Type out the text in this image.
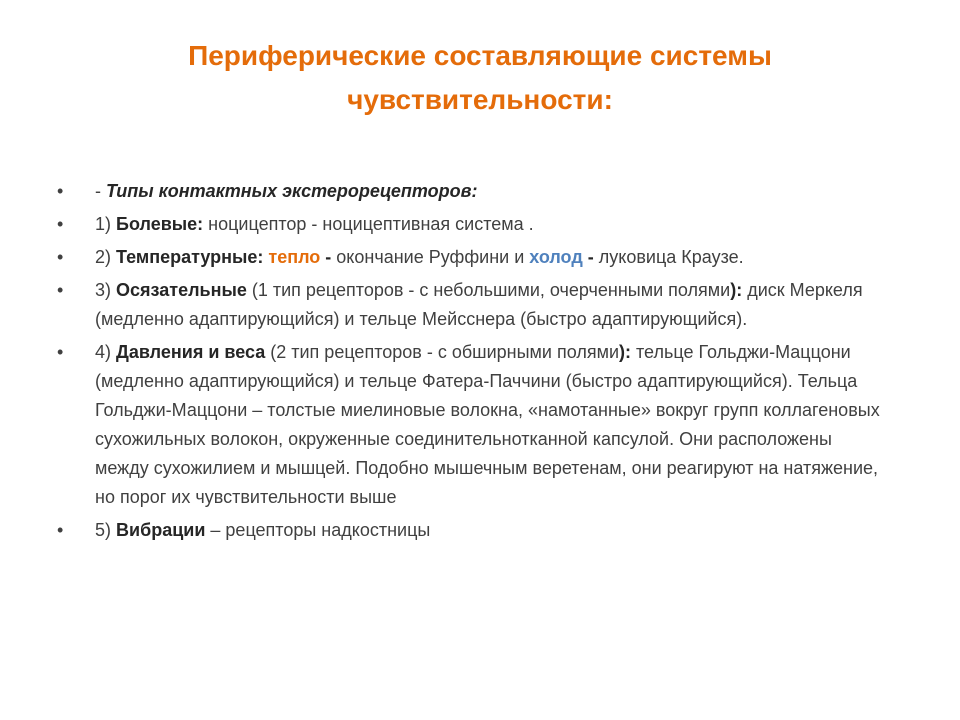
Периферические составляющие системы
чувствительности:
•	- Типы контактных экстерорецепторов:
•	1) Болевые: ноцицептор - ноцицептивная система .
•	2) Температурные: тепло - окончание Руффини и холод - луковица Краузе.
•	3) Осязательные (1 тип рецепторов - с небольшими, очерченными полями): диск Меркеля (медленно адаптирующийся) и тельце Мейсснера (быстро адаптирующийся).
•	4) Давления и веса (2 тип рецепторов - с обширными полями): тельце Гольджи-Маццони (медленно адаптирующийся) и тельце Фатера-Паччини (быстро адаптирующийся). Тельца Гольджи-Маццони – толстые миелиновые волокна, «намотанные» вокруг групп коллагеновых сухожильных волокон, окруженные соединительнотканной капсулой. Они расположены между сухожилием и мышцей. Подобно мышечным веретенам, они реагируют на натяжение, но порог их чувствительности выше
•	5) Вибрации – рецепторы надкостницы
